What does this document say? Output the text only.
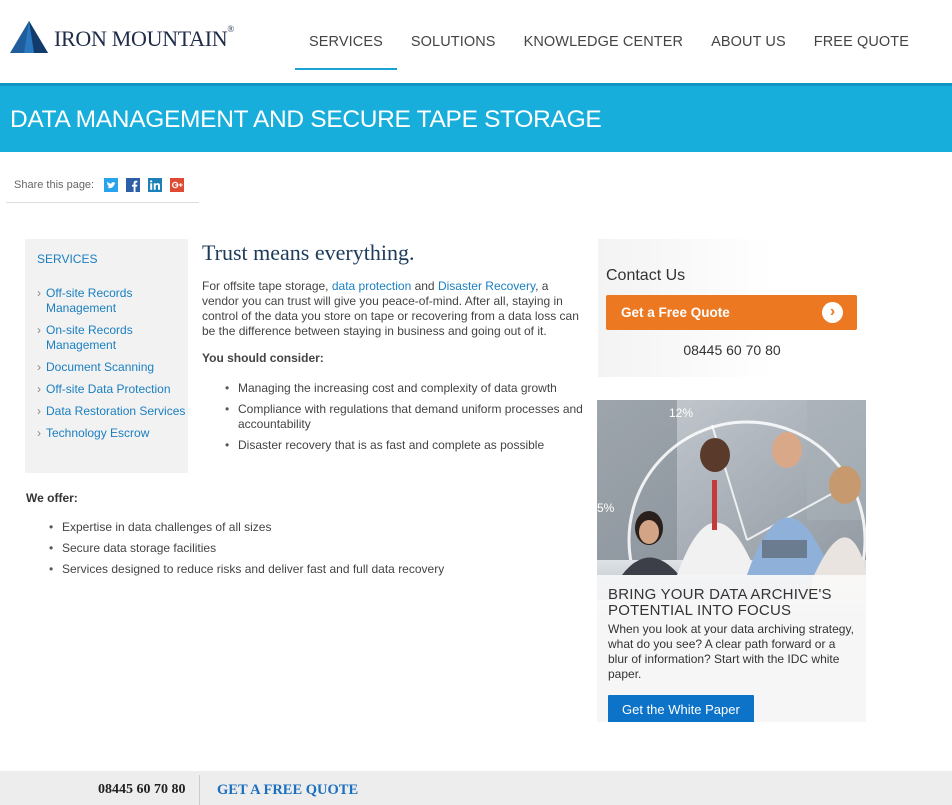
IRON MOUNTAIN®
SERVICES	SOLUTIONS	KNOWLEDGE CENTER	ABOUT US	FREE QUOTE
DATA MANAGEMENT AND SECURE TAPE STORAGE
Share this page:
SERVICES
› Off-site Records Management
› On-site Records Management
› Document Scanning
› Off-site Data Protection
› Data Restoration Services
› Technology Escrow
Trust means everything.

For offsite tape storage, data protection and Disaster Recovery, a vendor you can trust will give you peace-of-mind. After all, staying in control of the data you store on tape or recovering from a data loss can be the difference between staying in business and going out of it.

You should consider:

• Managing the increasing cost and complexity of data growth
• Compliance with regulations that demand uniform processes and accountability
• Disaster recovery that is as fast and complete as possible

We offer:

• Expertise in data challenges of all sizes
• Secure data storage facilities
• Services designed to reduce risks and deliver fast and full data recovery
Contact Us
Get a Free Quote	›
08445 60 70 80
12%
5%
BRING YOUR DATA ARCHIVE'S POTENTIAL INTO FOCUS
When you look at your data archiving strategy, what do you see? A clear path forward or a blur of information? Start with the IDC white paper.
Get the White Paper
08445 60 70 80 GET A FREE QUOTE
